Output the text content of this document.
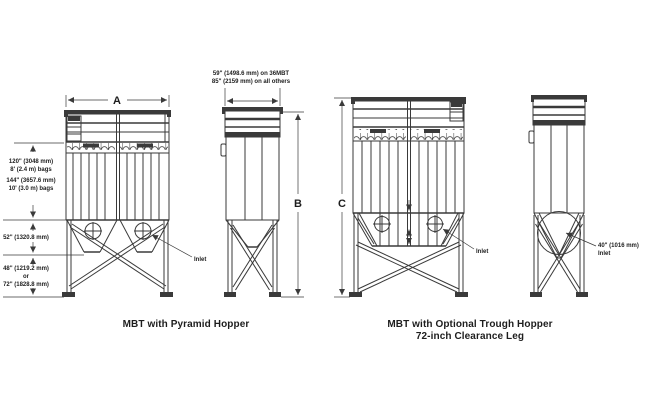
A
Inlet
120" (3048 mm)
8' (2.4 m) bags
144" (3657.6 mm)
10' (3.0 m) bags
52" (1320.8 mm)
48" (1219.2 mm)
or
72" (1828.8 mm)
59" (1498.6 mm) on 36MBT
85" (2159 mm) on all others
B	C
Inlet
40" (1016 mm)
Inlet
MBT with Pyramid Hopper	MBT with Optional Trough Hopper
72-inch Clearance Leg
